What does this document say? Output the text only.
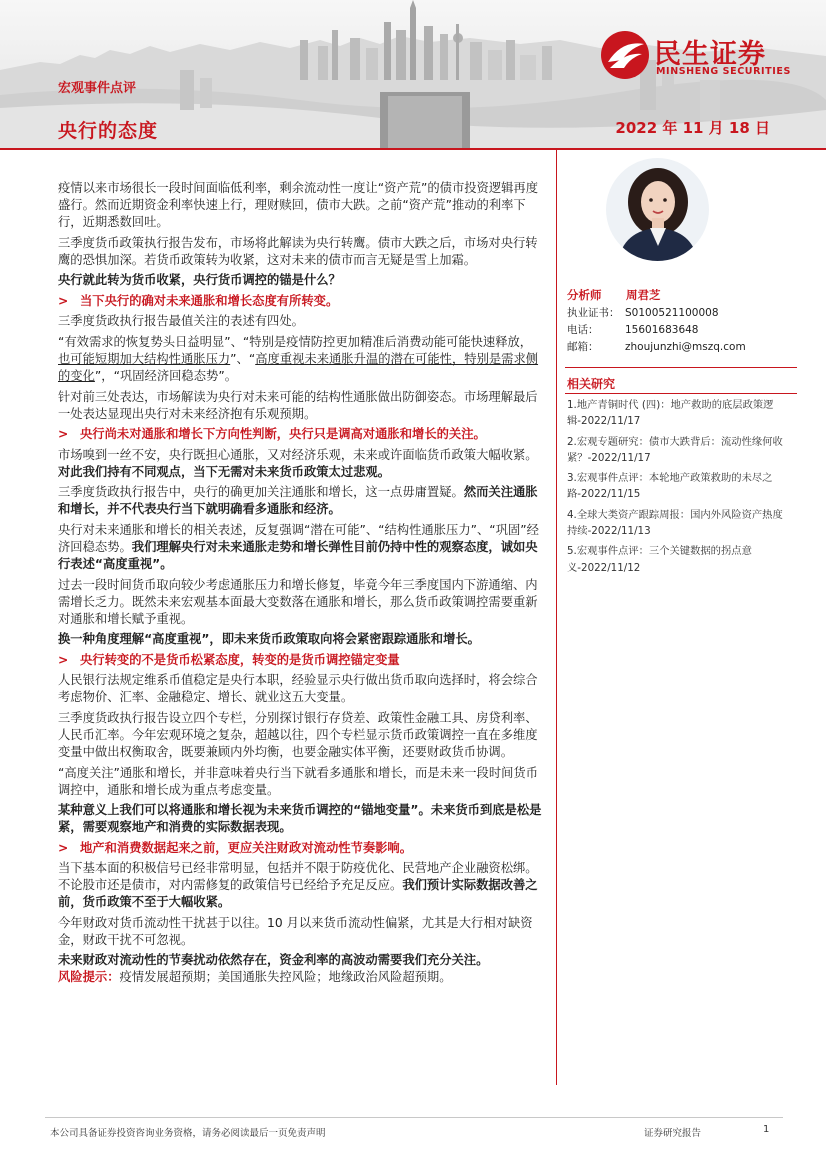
民生证券
MINSHENG SECURITIES
宏观事件点评
央行的态度	2022 年 11 月 18 日

疫情以来市场很长一段时间面临低利率，剩余流动性一度让“资产荒”的债市投资逻辑再度盛行。然而近期资金利率快速上行，理财赎回，债市大跌。之前“资产荒”推动的利率下行，近期悉数回吐。

三季度货币政策执行报告发布，市场将此解读为央行转鹰。债市大跌之后，市场对央行转鹰的恐惧加深。若货币政策转为收紧，这对未来的债市而言无疑是雪上加霜。

央行就此转为货币收紧，央行货币调控的锚是什么？

> 当下央行的确对未来通胀和增长态度有所转变。

三季度货政执行报告最值关注的表述有四处。

“有效需求的恢复势头日益明显”、“特别是疫情防控更加精准后消费动能可能快速释放，也可能短期加大结构性通胀压力”、“高度重视未来通胀升温的潜在可能性，特别是需求侧的变化”，“巩固经济回稳态势”。

针对前三处表达，市场解读为央行对未来可能的结构性通胀做出防御姿态。市场理解最后一处表达显现出央行对未来经济抱有乐观预期。

> 央行尚未对通胀和增长下方向性判断，央行只是调高对通胀和增长的关注。

市场嗅到一丝不安，央行既担心通胀，又对经济乐观，未来或许面临货币政策大幅收紧。对此我们持有不同观点，当下无需对未来货币政策太过悲观。

三季度货政执行报告中，央行的确更加关注通胀和增长，这一点毋庸置疑。然而关注通胀和增长，并不代表央行当下就明确看多通胀和经济。

央行对未来通胀和增长的相关表述，反复强调“潜在可能”、“结构性通胀压力”、“巩固”经济回稳态势。我们理解央行对未来通胀走势和增长弹性目前仍持中性的观察态度，诚如央行表述“高度重视”。

过去一段时间货币取向较少考虑通胀压力和增长修复，毕竟今年三季度国内下游通缩、内需增长乏力。既然未来宏观基本面最大变数落在通胀和增长，那么货币政策调控需要重新对通胀和增长赋予重视。

换一种角度理解“高度重视”，即未来货币政策取向将会紧密跟踪通胀和增长。

> 央行转变的不是货币松紧态度，转变的是货币调控锚定变量

人民银行法规定维系币值稳定是央行本职，经验显示央行做出货币取向选择时，将会综合考虑物价、汇率、金融稳定、增长、就业这五大变量。

三季度货政执行报告设立四个专栏，分别探讨银行存贷差、政策性金融工具、房贷利率、人民币汇率。今年宏观环境之复杂，超越以往，四个专栏显示货币政策调控一直在多维度变量中做出权衡取舍，既要兼顾内外均衡，也要金融实体平衡，还要财政货币协调。

“高度关注”通胀和增长，并非意味着央行当下就看多通胀和增长，而是未来一段时间货币调控中，通胀和增长成为重点考虑变量。

某种意义上我们可以将通胀和增长视为未来货币调控的“锚地变量”。未来货币到底是松是紧，需要观察地产和消费的实际数据表现。

> 地产和消费数据起来之前，更应关注财政对流动性节奏影响。

当下基本面的积极信号已经非常明显，包括并不限于防疫优化、民营地产企业融资松绑。不论股市还是债市，对内需修复的政策信号已经给予充足反应。我们预计实际数据改善之前，货币政策不至于大幅收紧。

今年财政对货币流动性干扰甚于以往。10 月以来货币流动性偏紧，尤其是大行相对缺资金，财政干扰不可忽视。

未来财政对流动性的节奏扰动依然存在，资金利率的高波动需要我们充分关注。

风险提示：疫情发展超预期；美国通胀失控风险；地缘政治风险超预期。

分析师 周君芝
执业证书： S0100521100008
电话：	15601683648
邮箱：	zhoujunzhi@mszq.com
相关研究
1.地产青铜时代 (四)：地产救助的底层政策逻辑-2022/11/17
2.宏观专题研究：债市大跌背后：流动性缘何收紧？-2022/11/17
3.宏观事件点评：本轮地产政策救助的未尽之路-2022/11/15
4.全球大类资产跟踪周报：国内外风险资产热度持续-2022/11/13
5.宏观事件点评：三个关键数据的拐点意义-2022/11/12
本公司具备证券投资咨询业务资格，请务必阅读最后一页免责声明	证券研究报告	1
